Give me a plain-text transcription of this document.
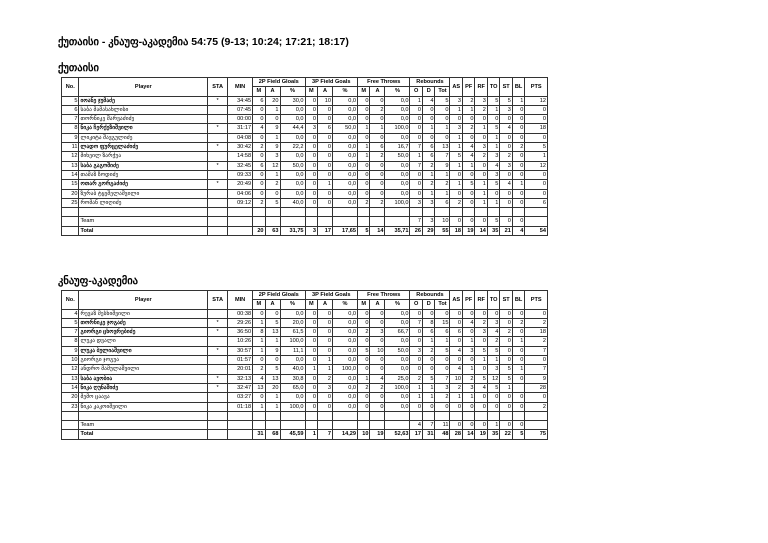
ქუთაისი - კნაუფ-აკადემია 54:75 (9-13; 10:24; 17:21; 18:17)
ქუთაისი
No.	Player	STA	MIN	2P Field Gloals			3P Field Goals			Free Throws			Rebounds			AS	PF	RF	TO	ST	BL	PTS
				M	A	%	M	A	%	M	A	%	O	D	Tot							
5	იოანე ჯუმაძე	*	34:45	6	20	30,0	0	10	0,0	0	0	0,0	1	4	5	3	2	3	5	5	1	12
6	საბა მამასახლისი		07:45	0	1	0,0	0	0	0,0	0	2	0,0	0	0	0	1	1	2	1	3	0	0
7	თორნიკე შარვაძიძე		00:00	0	0	0,0	0	0	0,0	0	0	0,0	0	0	0	0	0	0	0	0	0	0
8	ნიკა ჩერქეზიშვილი	*	31:17	4	9	44,4	3	6	50,0	1	1	100,0	0	1	1	3	2	1	5	4	0	18
9	ლიკიტა შავგულიძე		04:08	0	1	0,0	0	0	0,0	0	0	0,0	0	0	0	1	0	0	1	0	0	0
11	ლადო ფურცელაძიძე	*	30:42	2	9	22,2	0	0	0,0	1	6	16,7	7	6	13	1	4	3	1	0	2	5
12	მიხეილ ზარქუა		14:58	0	3	0,0	0	0	0,0	1	2	50,0	1	6	7	5	4	2	3	2	0	1
13	საბა გაგოშიძე	*	32:45	6	12	50,0	0	0	0,0	0	0	0,0	7	2	9	1	1	0	4	3	0	12
14	თამაზ ზოდიძე		09:33	0	1	0,0	0	0	0,0	0	0	0,0	0	1	1	0	0	0	3	0	0	0
15	ოთარ გორგაძიძე	*	20:49	0	2	0,0	0	1	0,0	0	0	0,0	0	2	2	1	5	1	5	4	1	0
20	ზურაბ ტყეშელაშვილი		04:06	0	0	0,0	0	0	0,0	0	0	0,0	0	1	1	0	0	1	0	0	0	0
25	რომან ლიღიძე		09:12	2	5	40,0	0	0	0,0	2	2	100,0	3	3	6	2	0	1	1	0	0	6

	Team												7	3	10	0	0	0	5	0	0	
	Total			20	63	31,75	3	17	17,65	5	14	35,71	26	29	55	18	19	14	35	21	4	54
კნაუფ-აკადემია
No.	Player	STA	MIN	2P Field Gloals			3P Field Goals			Free Throws			Rebounds			AS	PF	RF	TO	ST	BL	PTS
				M	A	%	M	A	%	M	A	%	O	D	Tot							
4	რევაზ მესხიშვილი		00:38	0	0	0,0	0	0	0,0	0	0	0,0	0	0	0	0	0	0	0	0	0	0
5	თორნიკე ჯოგაძე	*	29:26	1	5	20,0	0	0	0,0	0	0	0,0	7	8	15	0	4	2	3	0	2	2
7	გიორგი ცხოვრებიძე	*	36:50	8	13	61,5	0	0	0,0	2	3	66,7	0	6	6	6	0	3	4	2	0	18
8	ლუკა დვალი		10:26	1	1	100,0	0	0	0,0	0	0	0,0	0	1	1	0	1	0	2	0	1	2
9	ლუკა ბულიაშვილი	*	30:57	1	9	11,1	0	0	0,0	5	10	50,0	3	2	5	4	3	5	5	0	0	7
10	გიორგი ჯოგუა		01:57	0	0	0,0	0	1	0,0	0	0	0,0	0	0	0	0	0	1	1	0	0	0
12	ანდრო მამულაშვილი		20:01	2	5	40,0	1	1	100,0	0	0	0,0	0	0	0	4	1	0	3	5	1	7
13	საბა ავობია	*	32:13	4	13	30,8	0	2	0,0	1	4	25,0	2	5	7	10	2	5	12	5	0	9
14	ნიკა ღუნაშიძე	*	32:47	13	20	65,0	0	3	0,0	2	2	100,0	1	1	3	2	3	4	5	1		28
20	მემო ცაავა		03:27	0	1	0,0	0	0	0,0	0	0	0,0	1	1	2	1	1	0	0	0	0	0
23	ნიკა კაკოიშვილი		01:18	1	1	100,0	0	0	0,0	0	0	0,0	0	0	0	0	0	0	0	0	0	2

	Team												4	7	11	0	0	0	1	0	0	
	Total			31	68	45,59	1	7	14,29	10	19	52,63	17	31	48	28	14	19	35	22	5	75
